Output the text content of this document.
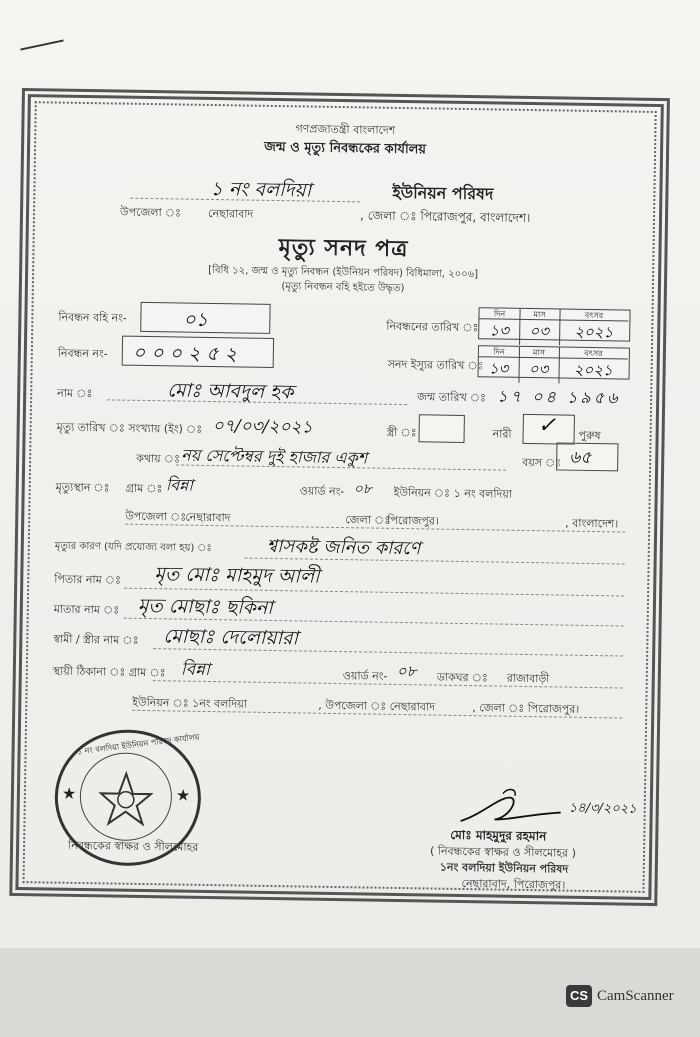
গণপ্রজাতন্ত্রী বাংলাদেশ
জন্ম ও মৃত্যু নিবন্ধকের কার্যালয়
১ নং বলদিয়া	ইউনিয়ন পরিষদ
উপজেলা ঃ নেছারাবাদ	, জেলা ঃ পিরোজপুর, বাংলাদেশ।
মৃত্যু সনদ পত্র
[বিধি ১২, জন্ম ও মৃত্যু নিবন্ধন (ইউনিয়ন পরিষদ) বিধিমালা, ২০০৬]
(মৃত্যু নিবন্ধন বহি হইতে উদ্ধৃত)
নিবন্ধন বহি নং-	০১
নিবন্ধন নং- ০০০২৫২
নিবন্ধনের তারিখ ঃ
দিন	মাস	বৎসর
১৩	০৩	২০২১
সনদ ইস্যুর তারিখ ঃ
দিন	মাস	বৎসর
১৩	০৩	২০২১
নাম ঃ	মোঃ আবদুল হক	জন্ম তারিখ ঃ ১৭ ০৪ ১৯৫৬
মৃত্যু তারিখ ঃ সংখ্যায় (ইং) ঃ ০৭/০৩/২০২১	স্ত্রী ঃ	নারী ✓ পুরুষ
কথায় ঃ নয় সেপ্টেম্বর দুই হাজার একুশ	বয়স ঃ ৬৫
মৃত্যুস্থান ঃ গ্রাম ঃ বিন্না	ওয়ার্ড নং- ০৮ ইউনিয়ন ঃ ১ নং বলদিয়া
উপজেলা ঃ
নেছারাবাদ	জেলা ঃ
পিরোজপুর।	, বাংলাদেশ।
মৃত্যুর কারণ (যদি প্রযোজ্য বলা হয়) ঃ	শ্বাসকষ্ট জনিত কারণে
পিতার নাম ঃ মৃত মোঃ মাহমুদ আলী
মাতার নাম ঃ মৃত মোছাঃ ছকিনা
স্বামী / স্ত্রীর নাম ঃ মোছাঃ দেলোয়ারা
স্থায়ী ঠিকানা ঃ গ্রাম ঃ বিন্না	ওয়ার্ড নং- ০৮ ডাকঘর ঃ রাজাবাড়ী
ইউনিয়ন ঃ ১নং বলদিয়া	, উপজেলা ঃ নেছারাবাদ	, জেলা ঃ পিরোজপুর।
১ নং বলদিয়া ইউনিয়ন পরিষদ কার্যালয়
★	★
নিবন্ধকের স্বাক্ষর ও সীলমোহর
১৪/৩/২০২১
মোঃ মাহমুদুর রহমান
( নিবন্ধকের স্বাক্ষর ও সীলমোহর )
১নং বলদিয়া ইউনিয়ন পরিষদ
নেছারাবাদ, পিরোজপুর।
CS CamScanner
